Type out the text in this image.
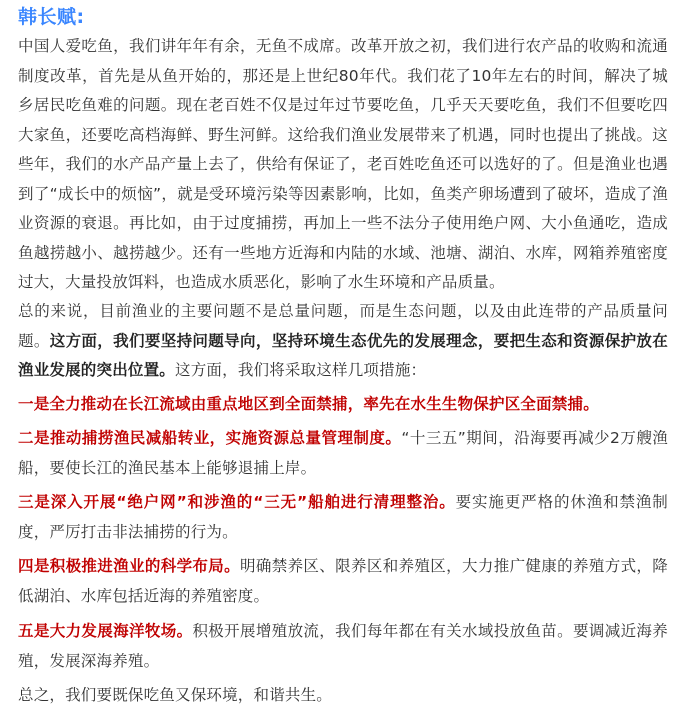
韩长赋:

中国人爱吃鱼，我们讲年年有余，无鱼不成席。改革开放之初，我们进行农产品的收购和流通制度改革，首先是从鱼开始的，那还是上世纪80年代。我们花了10年左右的时间，解决了城乡居民吃鱼难的问题。现在老百姓不仅是过年过节要吃鱼，几乎天天要吃鱼，我们不但要吃四大家鱼，还要吃高档海鲜、野生河鲜。这给我们渔业发展带来了机遇，同时也提出了挑战。这些年，我们的水产品产量上去了，供给有保证了，老百姓吃鱼还可以选好的了。但是渔业也遇到了“成长中的烦恼”，就是受环境污染等因素影响，比如，鱼类产卵场遭到了破坏，造成了渔业资源的衰退。再比如，由于过度捕捞，再加上一些不法分子使用绝户网、大小鱼通吃，造成鱼越捞越小、越捞越少。还有一些地方近海和内陆的水域、池塘、湖泊、水库，网箱养殖密度过大，大量投放饵料，也造成水质恶化，影响了水生环境和产品质量。

总的来说，目前渔业的主要问题不是总量问题，而是生态问题，以及由此连带的产品质量问题。这方面，我们要坚持问题导向，坚持环境生态优先的发展理念，要把生态和资源保护放在渔业发展的突出位置。这方面，我们将采取这样几项措施：

一是全力推动在长江流域由重点地区到全面禁捕，率先在水生生物保护区全面禁捕。

二是推动捕捞渔民减船转业，实施资源总量管理制度。“十三五”期间，沿海要再减少2万艘渔船，要使长江的渔民基本上能够退捕上岸。

三是深入开展“绝户网”和涉渔的“三无”船舶进行清理整治。要实施更严格的休渔和禁渔制度，严厉打击非法捕捞的行为。

四是积极推进渔业的科学布局。明确禁养区、限养区和养殖区，大力推广健康的养殖方式，降低湖泊、水库包括近海的养殖密度。

五是大力发展海洋牧场。积极开展增殖放流，我们每年都在有关水域投放鱼苗。要调减近海养殖，发展深海养殖。

总之，我们要既保吃鱼又保环境，和谐共生。
